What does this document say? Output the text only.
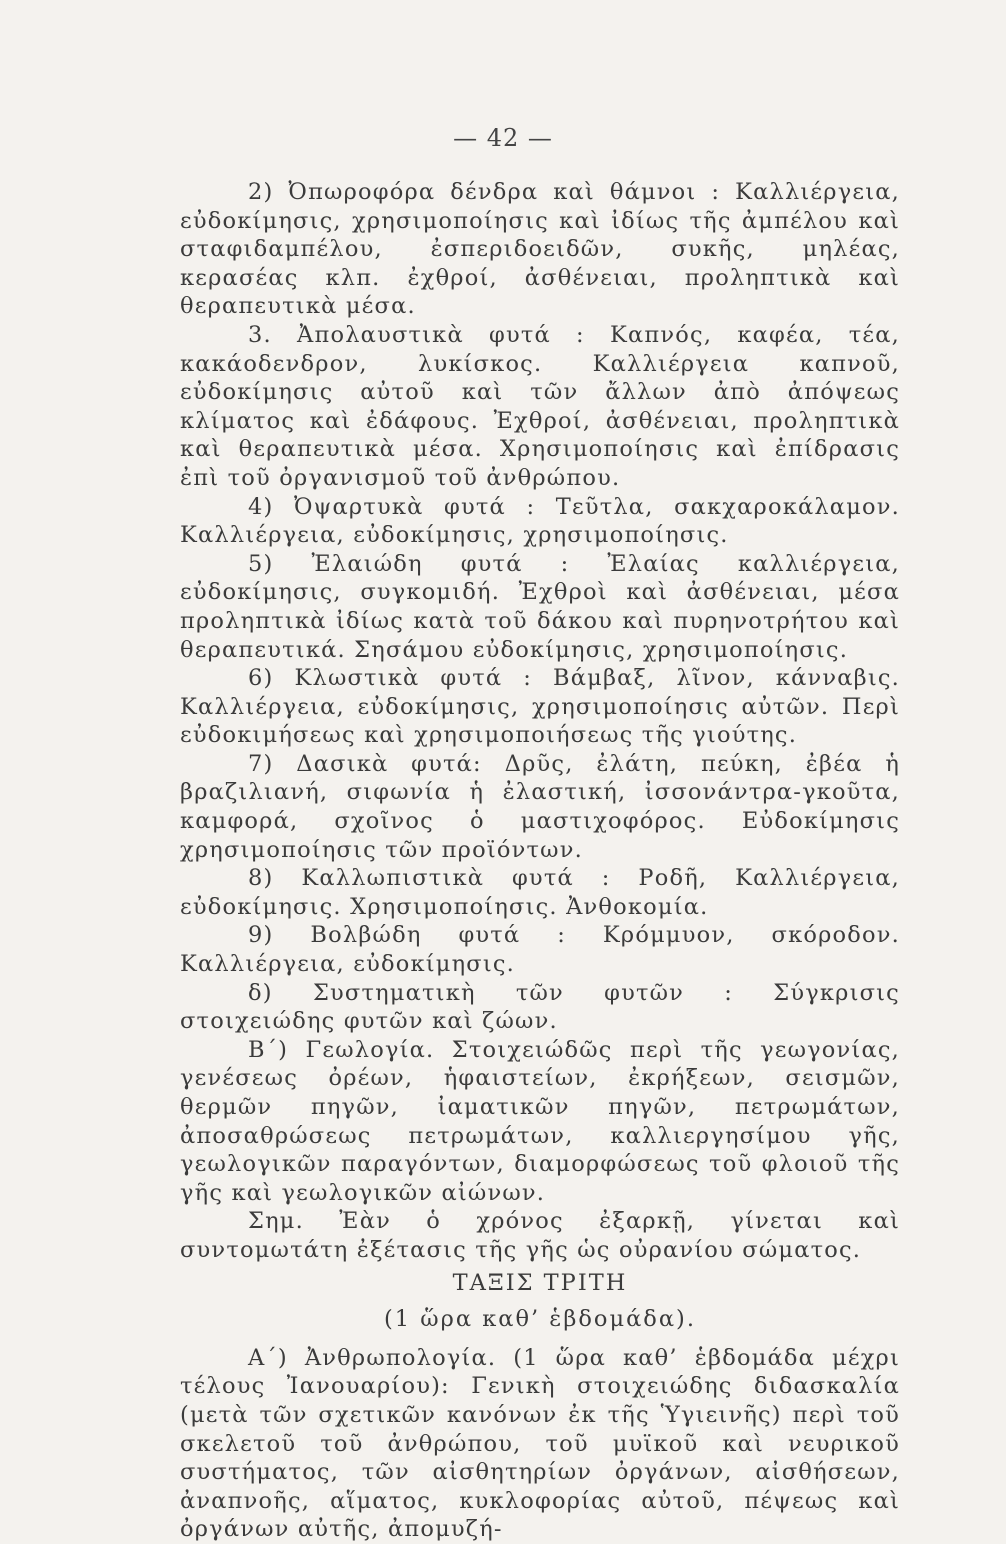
— 42 —

2) Ὀπωροφόρα δένδρα καὶ θάμνοι : Καλλιέργεια, εὐδοκίμησις, χρησιμοποίησις καὶ ἰδίως τῆς ἀμπέλου καὶ σταφιδαμπέλου, ἐσπεριδοειδῶν, συκῆς, μηλέας, κερασέας κλπ. ἐχθροί, ἀσθένειαι, προληπτικὰ καὶ θεραπευτικὰ μέσα.

3. Ἀπολαυστικὰ φυτά : Καπνός, καφέα, τέα, κακάοδενδρον, λυκίσκος. Καλλιέργεια καπνοῦ, εὐδοκίμησις αὐτοῦ καὶ τῶν ἄλλων ἀπὸ ἀπόψεως κλίματος καὶ ἐδάφους. Ἐχθροί, ἀσθένειαι, προληπτικὰ καὶ θεραπευτικὰ μέσα. Χρησιμοποίησις καὶ ἐπίδρασις ἐπὶ τοῦ ὀργανισμοῦ τοῦ ἀνθρώπου.

4) Ὀψαρτυκὰ φυτά : Τεῦτλα, σακχαροκάλαμον. Καλλιέργεια, εὐδοκίμησις, χρησιμοποίησις.

5) Ἐλαιώδη φυτά : Ἐλαίας καλλιέργεια, εὐδοκίμησις, συγκομιδή. Ἐχθροὶ καὶ ἀσθένειαι, μέσα προληπτικὰ ἰδίως κατὰ τοῦ δάκου καὶ πυρηνοτρήτου καὶ θεραπευτικά. Σησάμου εὐδοκίμησις, χρησιμοποίησις.

6) Κλωστικὰ φυτά : Βάμβαξ, λῖνον, κάνναβις. Καλλιέργεια, εὐδοκίμησις, χρησιμοποίησις αὐτῶν. Περὶ εὐδοκιμήσεως καὶ χρησιμοποιήσεως τῆς γιούτης.

7) Δασικὰ φυτά: Δρῦς, ἐλάτη, πεύκη, ἐβέα ἡ βραζιλιανή, σιφωνία ἡ ἐλαστική, ἰσσονάντρα-γκοῦτα, καμφορά, σχοῖνος ὁ μαστιχοφόρος. Εὐδοκίμησις χρησιμοποίησις τῶν προϊόντων.

8) Καλλωπιστικὰ φυτά : Ροδῆ, Καλλιέργεια, εὐδοκίμησις. Χρησιμοποίησις. Ἀνθοκομία.

9) Βολβώδη φυτά : Κρόμμυον, σκόροδον. Καλλιέργεια, εὐδοκίμησις.

δ) Συστηματικὴ τῶν φυτῶν : Σύγκρισις στοιχειώδης φυτῶν καὶ ζώων.

Β΄) Γεωλογία. Στοιχειώδῶς περὶ τῆς γεωγονίας, γενέσεως ὀρέων, ἡφαιστείων, ἐκρήξεων, σεισμῶν, θερμῶν πηγῶν, ἰαματικῶν πηγῶν, πετρωμάτων, ἀποσαθρώσεως πετρωμάτων, καλλιεργησίμου γῆς, γεωλογικῶν παραγόντων, διαμορφώσεως τοῦ φλοιοῦ τῆς γῆς καὶ γεωλογικῶν αἰώνων.

Σημ. Ἐὰν ὁ χρόνος ἐξαρκῇ, γίνεται καὶ συντομωτάτη ἐξέτασις τῆς γῆς ὡς οὐρανίου σώματος.

ΤΑΞΙΣ ΤΡΙΤΗ

(1 ὥρα καθ’ ἑβδομάδα).

Α΄) Ἀνθρωπολογία. (1 ὥρα καθ’ ἑβδομάδα μέχρι τέλους Ἰανουαρίου): Γενικὴ στοιχειώδης διδασκαλία (μετὰ τῶν σχετικῶν κανόνων ἐκ τῆς Ὑγιεινῆς) περὶ τοῦ σκελετοῦ τοῦ ἀνθρώπου, τοῦ μυϊκοῦ καὶ νευρικοῦ συστήματος, τῶν αἰσθητηρίων ὀργάνων, αἰσθήσεων, ἀναπνοῆς, αἵματος, κυκλοφορίας αὐτοῦ, πέψεως καὶ ὀργάνων αὐτῆς, ἀπομυζή-
